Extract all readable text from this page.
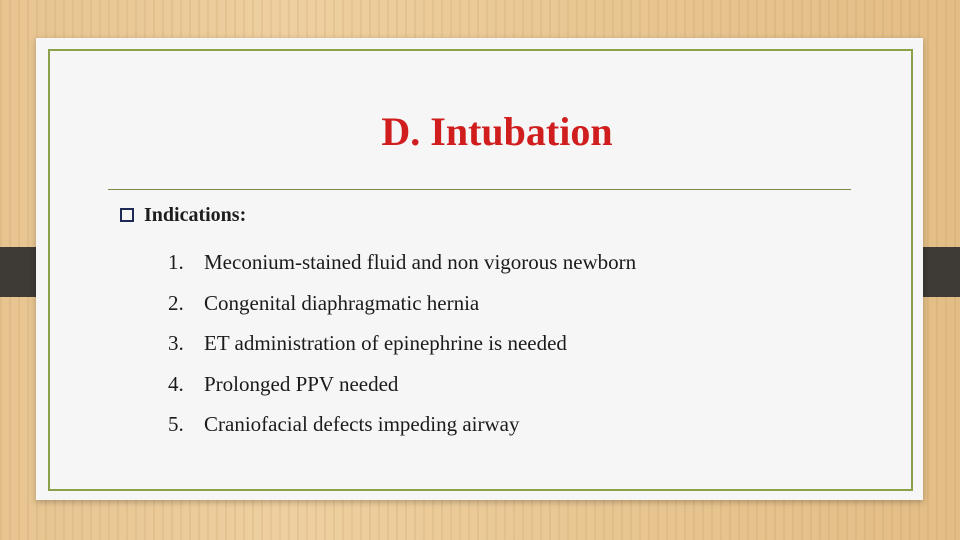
D. Intubation
Indications:
1. Meconium-stained fluid and non vigorous newborn
2. Congenital diaphragmatic hernia
3. ET administration of epinephrine is needed
4. Prolonged PPV needed
5. Craniofacial defects impeding airway
